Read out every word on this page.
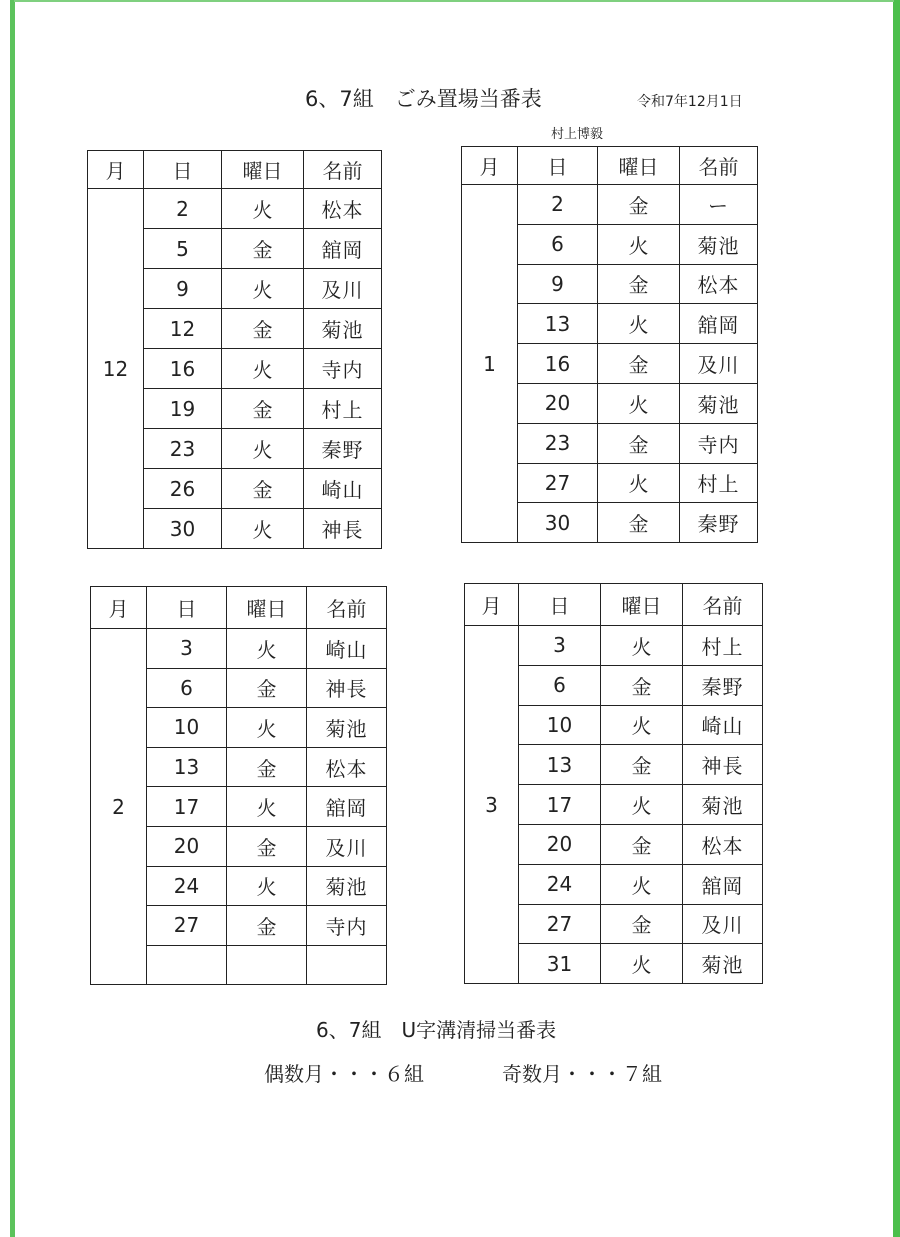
6、7組　ごみ置場当番表	令和7年12月1日
村上博毅
月	日	曜日	名前
12	2	火	松本
	5	金	舘岡
	9	火	及川
	12	金	菊池
	16	火	寺内
	19	金	村上
	23	火	秦野
	26	金	崎山
	30	火	神長
月	日	曜日	名前
1	2	金	ー
	6	火	菊池
	9	金	松本
	13	火	舘岡
	16	金	及川
	20	火	菊池
	23	金	寺内
	27	火	村上
	30	金	秦野
月	日	曜日	名前
2	3	火	崎山
	6	金	神長
	10	火	菊池
	13	金	松本
	17	火	舘岡
	20	金	及川
	24	火	菊池
	27	金	寺内

月	日	曜日	名前
3	3	火	村上
	6	金	秦野
	10	火	崎山
	13	金	神長
	17	火	菊池
	20	金	松本
	24	火	舘岡
	27	金	及川
	31	火	菊池
6、7組　U字溝清掃当番表
偶数月・・・６組	奇数月・・・７組
